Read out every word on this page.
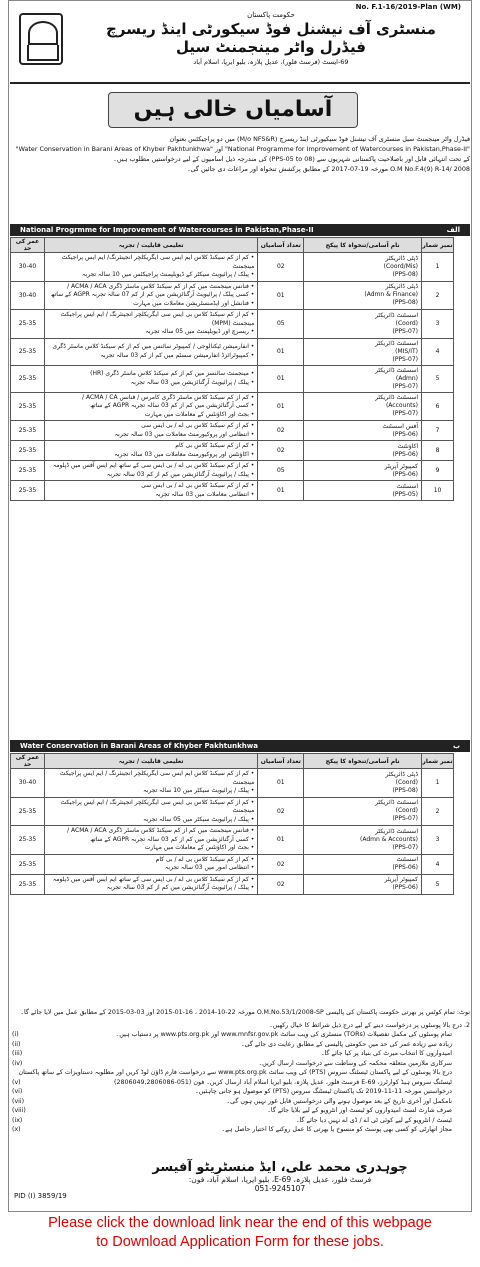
No. F.1-16/2019-Plan (WM)
حکومت پاکستان
منسٹری آف نیشنل فوڈ سیکورٹی اینڈ ریسرچ
فیڈرل واٹر مینجمنٹ سیل
69-ایسٹ (فرسٹ فلور)، عدیل پلازہ، بلیو ایریا، اسلام آباد
آسامیاں خالی ہیں

فیڈرل واٹر مینجمنٹ سیل منسٹری آف نیشنل فوڈ سیکیورٹی اینڈ ریسرچ (M/o NFS&R) میں دو پراجیکٹس بعنوان

"National Programme for Improvement of Watercourses in Pakistan,Phase-II" اور "Water Conservation in Barani Areas of Khyber Pakhtunkhwa"

کے تحت انتہائی قابل اور باصلاحیت پاکستانی شہریوں سے (PPS-05 to 08) کی مندرجہ ذیل اسامیوں کے لیے درخواستیں مطلوب ہیں۔

O.M No.F.4(9) R-14/ 2008 مورخہ 19-07-2017 کے مطابق پرکشش تنخواہ اور مراعات دی جائیں گی۔

National Progrmme for Improvement of Watercourses in Pakistan,Phase-II	الف
عمر کی حد	تعلیمی قابلیت / تجربہ	تعداد آسامیاں	نام آسامی/تنخواہ کا پیکج	نمبر شمار
30-40	• کم از کم سیکنڈ کلاس ایم ایس سی ایگریکلچر انجینئرنگ/ ایم ایس پراجیکٹ مینجمنٹ
• پبلک / پرائیویٹ سیکٹر کے ڈیویلپمنٹ پراجیکٹس میں 10 سالہ تجربہ	02	ڈپٹی ڈائریکٹر
(Coord/Mis)
(PPS-08)	1
30-40	• فنانس مینجمنٹ میں کم از کم سیکنڈ کلاس ماسٹر ڈگری ACMA / ACA /
• کسی پبلک / پرائیویٹ آرگنائزیشن میں کم از کم 07 سالہ تجربہ AGPR کے ساتھ
• فنانشل اور ایڈمنسٹریشن معاملات میں مہارت	01	ڈپٹی ڈائریکٹر
(Admn & Finance)
(PPS-08)	2
25-35	• کم از کم سیکنڈ کلاس بی ایس سی ایگریکلچر انجینئرنگ / ایم ایس پراجیکٹ مینجمنٹ (MPM)
• ریسرچ اور ڈیویلپمنٹ میں 05 سالہ تجربہ	05	اسسٹنٹ ڈائریکٹر
(Coord)
(PPS-07)	3
25-35	• انفارمیشن ٹیکنالوجی / کمپیوٹر سائنس میں کم از کم سیکنڈ کلاس ماسٹر ڈگری
• کمپیوٹرائزڈ انفارمیشن سسٹم میں کم از کم 03 سالہ تجربہ	01	اسسٹنٹ ڈائریکٹر
(MIS/IT)
(PPS-07)	4
25-35	• مینجمنٹ سائنسز میں کم از کم سیکنڈ کلاس ماسٹر ڈگری (HR)
• پبلک / پرائیویٹ آرگنائزیشن میں 03 سالہ تجربہ	01	اسسٹنٹ ڈائریکٹر
(Admn)
(PPS-07)	5
25-35	• کم از کم سیکنڈ کلاس ماسٹر ڈگری کامرس / فنانس ACMA / CA /
• کسی آرگنائزیشن میں کم از کم 03 سالہ تجربہ AGPR کے ساتھ
• بجٹ اور اکاؤنٹس کے معاملات میں مہارت	01	اسسٹنٹ ڈائریکٹر
(Accounts)
(PPS-07)	6
25-35	• کم از کم سیکنڈ کلاس بی اے / بی ایس سی
• انتظامی اور پروکیورمنٹ معاملات میں 03 سالہ تجربہ	02	آفس اسسٹنٹ
(PPS-06)	7
25-35	• کم از کم سیکنڈ کلاس بی کام
• اکاؤنٹس اور پروکیورمنٹ معاملات میں 03 سالہ تجربہ	02	اکاؤنٹنٹ
(PPS-06)	8
25-35	• کم از کم سیکنڈ کلاس بی اے / بی ایس سی کے ساتھ ایم ایس آفس میں ڈپلومہ
• پبلک / پرائیویٹ آرگنائزیشن میں کم از کم 03 سالہ تجربہ	05	کمپیوٹر آپریٹر
(PPS-06)	9
25-35	• کم از کم سیکنڈ کلاس بی اے / بی ایس سی
• انتظامی معاملات میں 03 سالہ تجربہ	01	اسسٹنٹ
(PPS-05)	10
Water Conservation in Barani Areas of Khyber Pakhtunkhwa	ب
عمر کی حد	تعلیمی قابلیت / تجربہ	تعداد آسامیاں	نام آسامی/تنخواہ کا پیکج	نمبر شمار
30-40	• کم از کم سیکنڈ کلاس ایم ایس سی ایگریکلچر انجینئرنگ / ایم ایس پراجیکٹ مینجمنٹ
• پبلک / پرائیویٹ سیکٹر میں 10 سالہ تجربہ	01	ڈپٹی ڈائریکٹر
(Coord)
(PPS-08)	1
25-35	• کم از کم سیکنڈ کلاس بی ایس سی ایگریکلچر انجینئرنگ / ایم ایس پراجیکٹ مینجمنٹ
• پبلک / پرائیویٹ سیکٹر میں 05 سالہ تجربہ	02	اسسٹنٹ ڈائریکٹر
(Coord)
(PPS-07)	2
25-35	• فنانس مینجمنٹ میں کم از کم سیکنڈ کلاس ماسٹر ڈگری ACMA / ACA /
• کسی آرگنائزیشن میں کم از کم 03 سالہ تجربہ AGPR کے ساتھ
• بجٹ اور اکاؤنٹس کے معاملات میں مہارت	01	اسسٹنٹ ڈائریکٹر
(Admn & Accounts)
(PPS-07)	3
25-35	• کم از کم سیکنڈ کلاس بی اے / بی کام
• انتظامی امور میں 03 سالہ تجربہ	02	اسسٹنٹ
(PPS-06)	4
25-35	• کم از کم سیکنڈ کلاس بی اے / بی ایس سی کے ساتھ ایم ایس آفس میں ڈپلومہ
• پبلک / پرائیویٹ آرگنائزیشن میں کم از کم 03 سالہ تجربہ	02	کمپیوٹر آپریٹر
(PPS-06)	5
نوٹ: تمام کوٹس پر بھرتی حکومت پاکستان کی پالیسی O.M.No.53/1/2008-SP مورخہ 22-10-2014 ، 16-01-2015 اور 03-03-2015 کے مطابق عمل میں لایا جائے گا۔
2. درج بالا پوسٹوں پر درخواست دینے کے لیے درج ذیل شرائط کا خیال رکھیں۔
تمام پوسٹوں کی مکمل تفصیلات (TORs) منسٹری کی ویب سائٹ www.mnfsr.gov.pk اور www.pts.org.pk پر دستیاب ہیں۔
(i)
زیادہ سے زیادہ عمر کی حد میں حکومتی پالیسی کے مطابق رعایت دی جائے گی۔
(ii)
امیدواروں کا انتخاب میرٹ کی بنیاد پر کیا جائے گا۔
(iii)
سرکاری ملازمین متعلقہ محکمہ کی وساطت سے درخواست ارسال کریں۔
(iv)
درج بالا پوسٹوں کے لیے پاکستان ٹیسٹنگ سروس (PTS) کی ویب سائٹ www.pts.org.pk سے درخواست فارم ڈاؤن لوڈ کریں اور مطلوبہ دستاویزات کے ساتھ پاکستان ٹیسٹنگ سروس ہیڈ کوارٹرز، 69-E فرسٹ فلور، عدیل پلازہ، بلیو ایریا اسلام آباد ارسال کریں۔ فون (051-2806049,2806086)
(v)
درخواستیں مورخہ 11-11-2019 تک پاکستان ٹیسٹنگ سروس (PTS) کو موصول ہو جانی چاہئیں۔
(vi)
نامکمل اور آخری تاریخ کے بعد موصول ہونے والی درخواستیں قابل غور نہیں ہوں گی۔
(vii)
صرف شارٹ لسٹ امیدواروں کو ٹیسٹ اور انٹرویو کے لیے بلایا جائے گا۔
(viii)
ٹیسٹ / انٹرویو کے لیے کوئی ٹی اے / ڈی اے نہیں دیا جائے گا۔
(ix)
مجاز اتھارٹی کو کسی بھی پوسٹ کو منسوخ یا بھرتی کا عمل روکنے کا اختیار حاصل ہے۔
(x)
چوہدری محمد علی، ایڈ منسٹریٹو آفیسر
فرسٹ فلور، عدیل پلازہ، E-69، بلیو ایریا، اسلام آباد، فون:
051-9245107
PID (I) 3859/19
Please click the download link near the end of this webpage
to Download Application Form for these jobs.
